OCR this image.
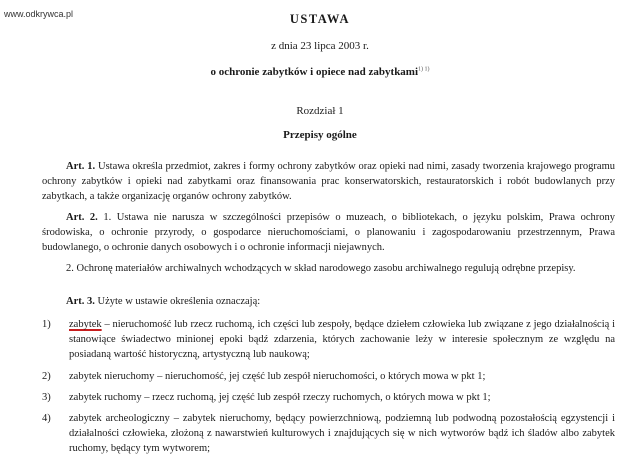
www.odkrywca.pl	USTAWA
z dnia 23 lipca 2003 r.
o ochronie zabytków i opiece nad zabytkami$^{1) 1)}$
Rozdział 1
Przepisy ogólne
Art. 1. Ustawa określa przedmiot, zakres i formy ochrony zabytków oraz opieki nad nimi, zasady tworzenia krajowego programu ochrony zabytków i opieki nad zabytkami oraz finansowania prac konserwatorskich, restauratorskich i robót budowlanych przy zabytkach, a także organizację organów ochrony zabytków.
Art. 2. 1. Ustawa nie narusza w szczególności przepisów o muzeach, o bibliotekach, o języku polskim, Prawa ochrony środowiska, o ochronie przyrody, o gospodarce nieruchomościami, o planowaniu i zagospodarowaniu przestrzennym, Prawa budowlanego, o ochronie danych osobowych i o ochronie informacji niejawnych.
2. Ochronę materiałów archiwalnych wchodzących w skład narodowego zasobu archiwalnego regulują odrębne przepisy.
Art. 3. Użyte w ustawie określenia oznaczają:
1) zabytek – nieruchomość lub rzecz ruchomą, ich części lub zespoły, będące dziełem człowieka lub związane z jego działalnością i stanowiące świadectwo minionej epoki bądź zdarzenia, których zachowanie leży w interesie społecznym ze względu na posiadaną wartość historyczną, artystyczną lub naukową;
2) zabytek nieruchomy – nieruchomość, jej część lub zespół nieruchomości, o których mowa w pkt 1;
3) zabytek ruchomy – rzecz ruchomą, jej część lub zespół rzeczy ruchomych, o których mowa w pkt 1;
4) zabytek archeologiczny – zabytek nieruchomy, będący powierzchniową, podziemną lub podwodną pozostałością egzystencji i działalności człowieka, złożoną z nawarstwień kulturowych i znajdujących się w nich wytworów bądź ich śladów albo zabytek ruchomy, będący tym wytworem;
